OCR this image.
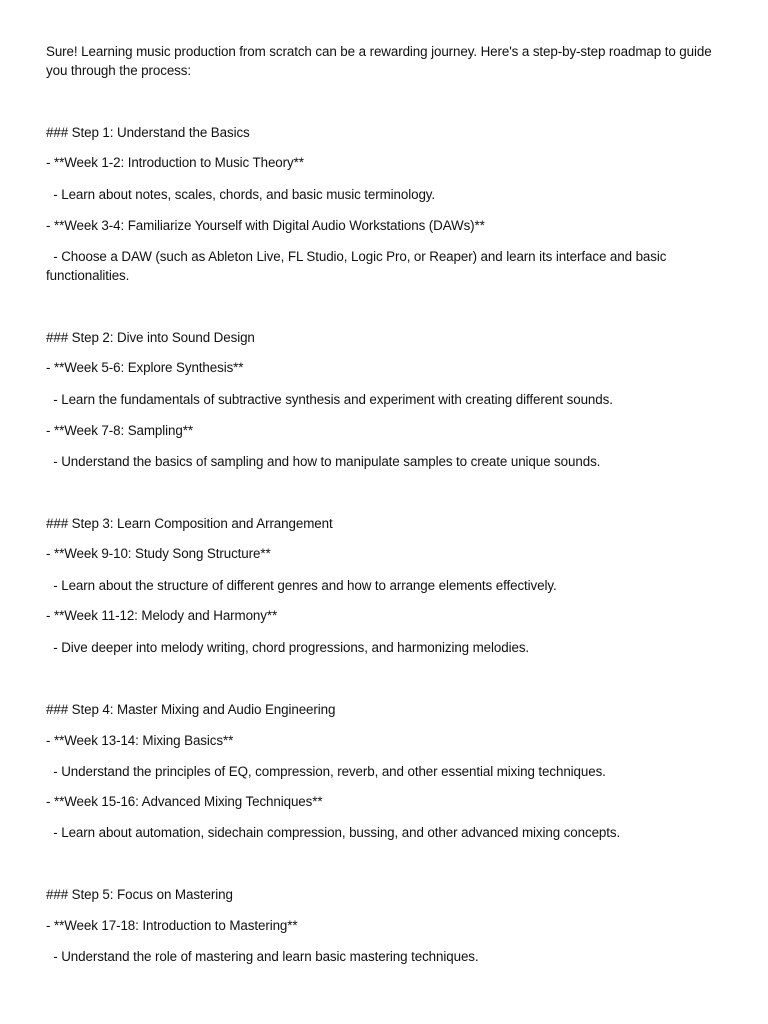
Sure! Learning music production from scratch can be a rewarding journey. Here's a step-by-step roadmap to guide you through the process:
### Step 1: Understand the Basics
- **Week 1-2: Introduction to Music Theory**
- Learn about notes, scales, chords, and basic music terminology.
- **Week 3-4: Familiarize Yourself with Digital Audio Workstations (DAWs)**
- Choose a DAW (such as Ableton Live, FL Studio, Logic Pro, or Reaper) and learn its interface and basic functionalities.
### Step 2: Dive into Sound Design
- **Week 5-6: Explore Synthesis**
- Learn the fundamentals of subtractive synthesis and experiment with creating different sounds.
- **Week 7-8: Sampling**
- Understand the basics of sampling and how to manipulate samples to create unique sounds.
### Step 3: Learn Composition and Arrangement
- **Week 9-10: Study Song Structure**
- Learn about the structure of different genres and how to arrange elements effectively.
- **Week 11-12: Melody and Harmony**
- Dive deeper into melody writing, chord progressions, and harmonizing melodies.
### Step 4: Master Mixing and Audio Engineering
- **Week 13-14: Mixing Basics**
- Understand the principles of EQ, compression, reverb, and other essential mixing techniques.
- **Week 15-16: Advanced Mixing Techniques**
- Learn about automation, sidechain compression, bussing, and other advanced mixing concepts.
### Step 5: Focus on Mastering
- **Week 17-18: Introduction to Mastering**
- Understand the role of mastering and learn basic mastering techniques.
